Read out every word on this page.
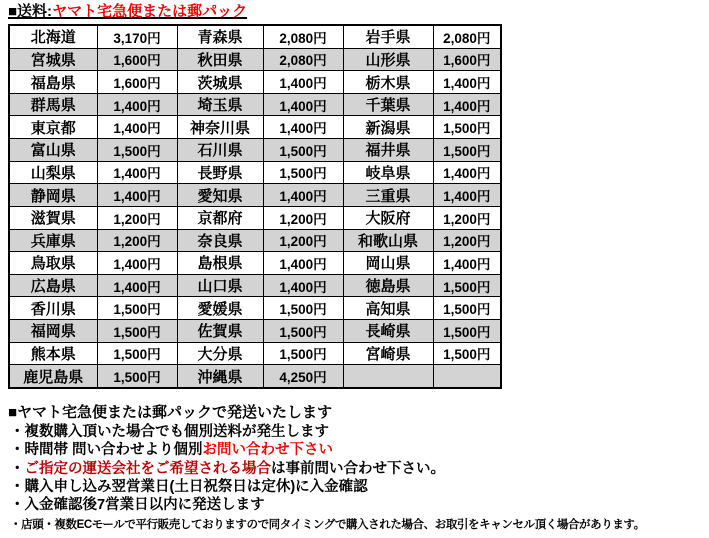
■送料:ヤマト宅急便または郵パック
北海道	3,170円	青森県	2,080円	岩手県	2,080円
宮城県	1,600円	秋田県	2,080円	山形県	1,600円
福島県	1,600円	茨城県	1,400円	栃木県	1,400円
群馬県	1,400円	埼玉県	1,400円	千葉県	1,400円
東京都	1,400円	神奈川県	1,400円	新潟県	1,500円
富山県	1,500円	石川県	1,500円	福井県	1,500円
山梨県	1,400円	長野県	1,500円	岐阜県	1,400円
静岡県	1,400円	愛知県	1,400円	三重県	1,400円
滋賀県	1,200円	京都府	1,200円	大阪府	1,200円
兵庫県	1,200円	奈良県	1,200円	和歌山県	1,200円
鳥取県	1,400円	島根県	1,400円	岡山県	1,400円
広島県	1,400円	山口県	1,400円	徳島県	1,500円
香川県	1,500円	愛媛県	1,500円	高知県	1,500円
福岡県	1,500円	佐賀県	1,500円	長崎県	1,500円
熊本県	1,500円	大分県	1,500円	宮崎県	1,500円
鹿児島県	1,500円	沖縄県	4,250円		
■ヤマト宅急便または郵パックで発送いたします
・複数購入頂いた場合でも個別送料が発生します
・時間帯 問い合わせより個別お問い合わせ下さい
・ご指定の運送会社をご希望される場合は事前問い合わせ下さい。
・購入申し込み翌営業日(土日祝祭日は定休)に入金確認
・入金確認後7営業日以内に発送します
・店頭・複数ECモールで平行販売しておりますので同タイミングで購入された場合、お取引をキャンセル頂く場合があります。
